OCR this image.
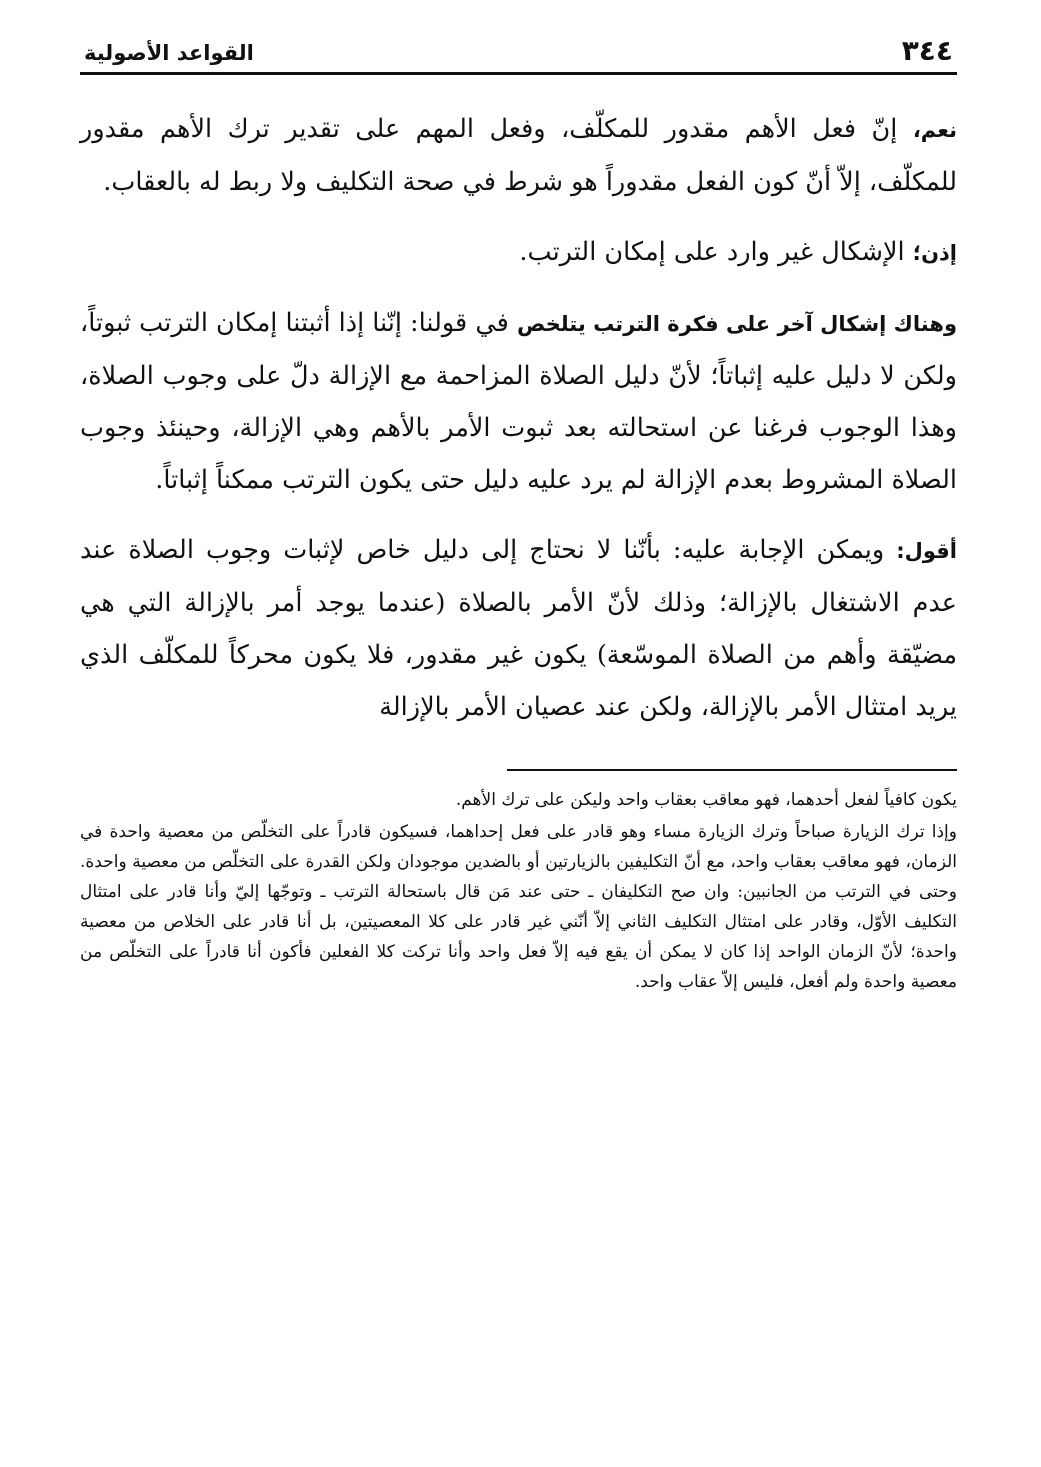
٣٤٤
القواعد الأصولية

نعم، إنّ فعل الأهم مقدور للمكلّف، وفعل المهم على تقدير ترك الأهم مقدور للمكلّف، إلاّ أنّ كون الفعل مقدوراً هو شرط في صحة التكليف ولا ربط له بالعقاب.

إذن؛ الإشكال غير وارد على إمكان الترتب.

وهناك إشكال آخر على فكرة الترتب يتلخص في قولنا: إنّنا إذا أثبتنا إمكان الترتب ثبوتاً، ولكن لا دليل عليه إثباتاً؛ لأنّ دليل الصلاة المزاحمة مع الإزالة دلّ على وجوب الصلاة، وهذا الوجوب فرغنا عن استحالته بعد ثبوت الأمر بالأهم وهي الإزالة، وحينئذ وجوب الصلاة المشروط بعدم الإزالة لم يرد عليه دليل حتى يكون الترتب ممكناً إثباتاً.

أقول: ويمكن الإجابة عليه: بأنّنا لا نحتاج إلى دليل خاص لإثبات وجوب الصلاة عند عدم الاشتغال بالإزالة؛ وذلك لأنّ الأمر بالصلاة (عندما يوجد أمر بالإزالة التي هي مضيّقة وأهم من الصلاة الموسّعة) يكون غير مقدور، فلا يكون محركاً للمكلّف الذي يريد امتثال الأمر بالإزالة، ولكن عند عصيان الأمر بالإزالة

يكون كافياً لفعل أحدهما، فهو معاقب بعقاب واحد وليكن على ترك الأهم.

وإذا ترك الزيارة صباحاً وترك الزيارة مساء وهو قادر على فعل إحداهما، فسيكون قادراً على التخلّص من معصية واحدة في الزمان، فهو معاقب بعقاب واحد، مع أنّ التكليفين بالزيارتين أو بالضدين موجودان ولكن القدرة على التخلّص من معصية واحدة. وحتى في الترتب من الجانبين: وان صح التكليفان ـ حتى عند مَن قال باستحالة الترتب ـ وتوجّها إليّ وأنا قادر على امتثال التكليف الأوّل، وقادر على امتثال التكليف الثاني إلاّ أنّني غير قادر على كلا المعصيتين، بل أنا قادر على الخلاص من معصية واحدة؛ لأنّ الزمان الواحد إذا كان لا يمكن أن يقع فيه إلاّ فعل واحد وأنا تركت كلا الفعلين فأكون أنا قادراً على التخلّص من معصية واحدة ولم أفعل، فليس إلاّ عقاب واحد.
